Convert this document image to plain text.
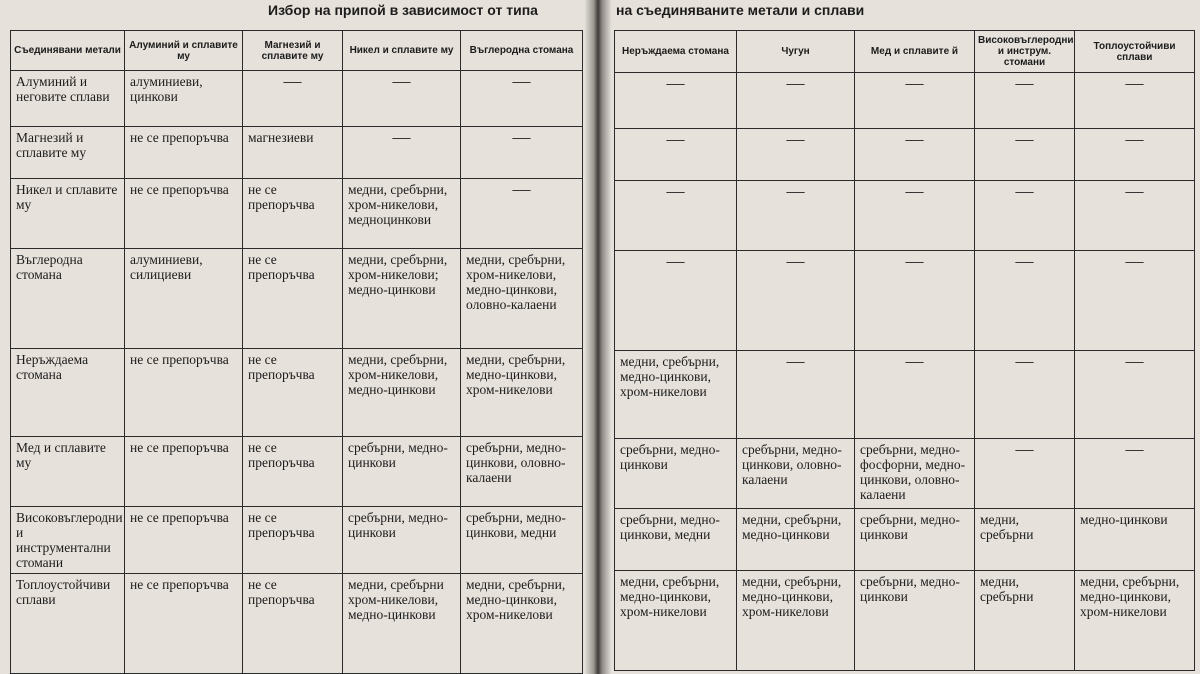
Избор на припой в зависимост от типа	на съединяваните метали и сплави
Съединявани метали	Алуминий и сплавите му	Магнезий и сплавите му	Никел и сплавите му	Въглеродна стомана
Алуминий и неговите сплави	алуминиеви, цинкови	—	—	—
Магнезий и сплавите му	не се препоръчва	магнезиеви	—	—
Никел и сплавите му	не се препоръчва	не се препоръчва	медни, сребърни, хром-никелови, медноцинкови	—
Въглеродна стомана	алуминиеви, силициеви	не се препоръчва	медни, сребърни, хром-никелови; медно-цинкови	медни, сребърни, хром-никелови, медно-цинкови, оловно-калаени
Неръждаема стомана	не се препоръчва	не се препоръчва	медни, сребърни, хром-никелови, медно-цинкови	медни, сребърни, медно-цинкови, хром-никелови
Мед и сплавите му	не се препоръчва	не се препоръчва	сребърни, медно-цинкови	сребърни, медно-цинкови, оловно-калаени
Високовъглеродни и инструментални стомани	не се препоръчва	не се препоръчва	сребърни, медно-цинкови	сребърни, медно-цинкови, медни
Топлоустойчиви сплави	не се препоръчва	не се препоръчва	медни, сребърни хром-никелови, медно-цинкови	медни, сребърни, медно-цинкови, хром-никелови
Неръждаема стомана	Чугун	Мед и сплавите й	Високовъглеродни и инструм. стомани	Топлоустойчиви сплави
—	—	—	—	—
—	—	—	—	—
—	—	—	—	—
—	—	—	—	—
медни, сребърни, медно-цинкови, хром-никелови	—	—	—	—
сребърни, медно-цинкови	сребърни, медно-цинкови, оловно-калаени	сребърни, медно-фосфорни, медно-цинкови, оловно-калаени	—	—
сребърни, медно-цинкови, медни	медни, сребърни, медно-цинкови	сребърни, медно-цинкови	медни, сребърни	медно-цинкови
медни, сребърни, медно-цинкови, хром-никелови	медни, сребърни, медно-цинкови, хром-никелови	сребърни, медно-цинкови	медни, сребърни	медни, сребърни, медно-цинкови, хром-никелови
